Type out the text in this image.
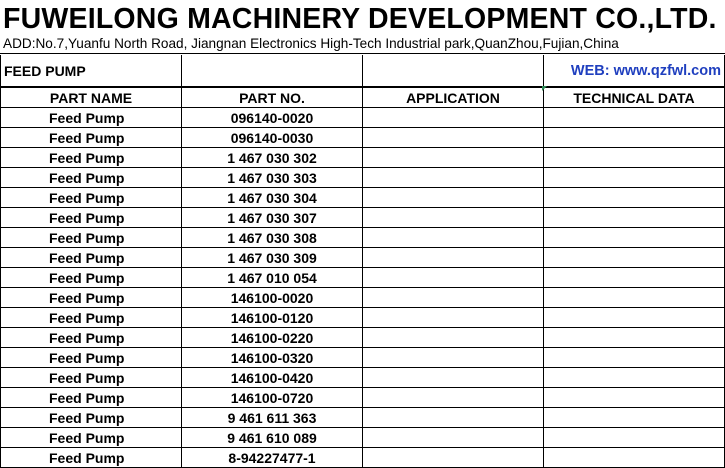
FUWEILONG MACHINERY DEVELOPMENT CO.,LTD.
ADD:No.7,Yuanfu North Road, Jiangnan Electronics High-Tech Industrial park,QuanZhou,Fujian,China
FEED PUMP			WEB: www.qzfwl.com
PART NAME	PART NO.	APPLICATION	TECHNICAL DATA
Feed Pump	096140-0020		
Feed Pump	096140-0030		
Feed Pump	1 467 030 302		
Feed Pump	1 467 030 303		
Feed Pump	1 467 030 304		
Feed Pump	1 467 030 307		
Feed Pump	1 467 030 308		
Feed Pump	1 467 030 309		
Feed Pump	1 467 010 054		
Feed Pump	146100-0020		
Feed Pump	146100-0120		
Feed Pump	146100-0220		
Feed Pump	146100-0320		
Feed Pump	146100-0420		
Feed Pump	146100-0720		
Feed Pump	9 461 611 363		
Feed Pump	9 461 610 089		
Feed Pump	8-94227477-1		
